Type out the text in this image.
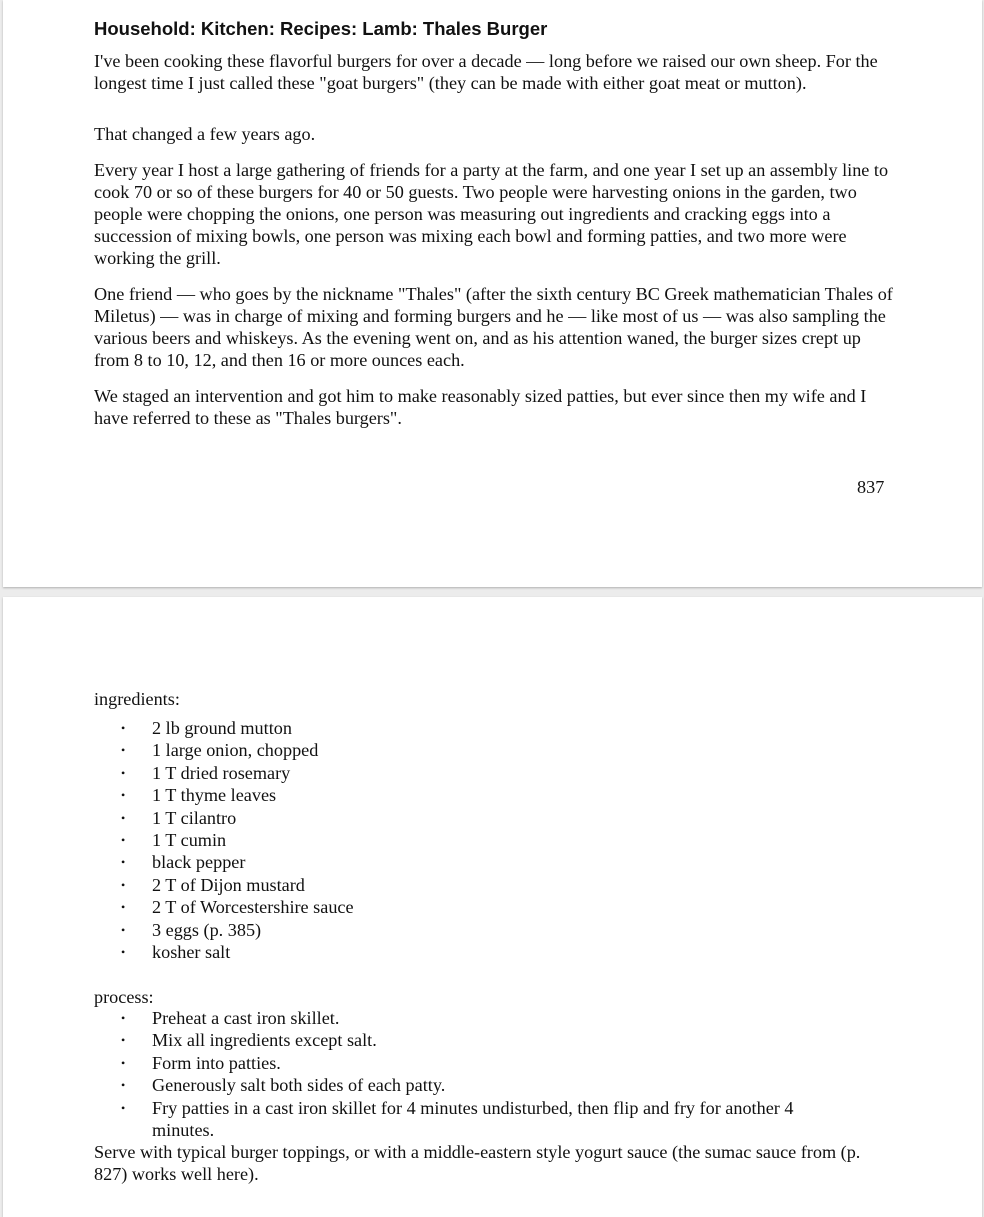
Household: Kitchen: Recipes: Lamb: Thales Burger

I've been cooking these flavorful burgers for over a decade — long before we raised our own sheep. For the longest time I just called these "goat burgers" (they can be made with either goat meat or mutton).

That changed a few years ago.

Every year I host a large gathering of friends for a party at the farm, and one year I set up an assembly line to cook 70 or so of these burgers for 40 or 50 guests. Two people were harvesting onions in the garden, two people were chopping the onions, one person was measuring out ingredients and cracking eggs into a succession of mixing bowls, one person was mixing each bowl and forming patties, and two more were working the grill.

One friend — who goes by the nickname "Thales" (after the sixth century BC Greek mathematician Thales of Miletus) — was in charge of mixing and forming burgers and he — like most of us — was also sampling the various beers and whiskeys. As the evening went on, and as his attention waned, the burger sizes crept up from 8 to 10, 12, and then 16 or more ounces each.

We staged an intervention and got him to make reasonably sized patties, but ever since then my wife and I have referred to these as "Thales burgers".

837

ingredients:

• 2 lb ground mutton
• 1 large onion, chopped
• 1 T dried rosemary
• 1 T thyme leaves
• 1 T cilantro
• 1 T cumin
• black pepper
• 2 T of Dijon mustard
• 2 T of Worcestershire sauce
• 3 eggs (p. 385)
• kosher salt

process:

• Preheat a cast iron skillet.
• Mix all ingredients except salt.
• Form into patties.
• Generously salt both sides of each patty.
• Fry patties in a cast iron skillet for 4 minutes undisturbed, then flip and fry for another 4 minutes.

Serve with typical burger toppings, or with a middle-eastern style yogurt sauce (the sumac sauce from (p. 827) works well here).
